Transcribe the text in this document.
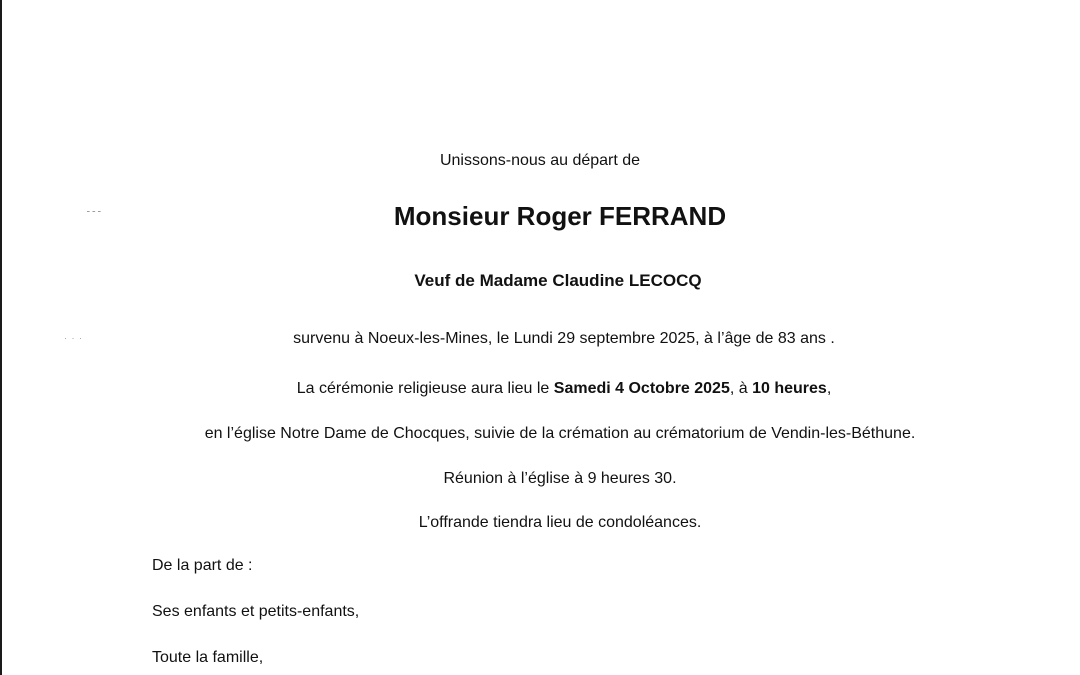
⁃⁃⁃
· · ·
Unissons-nous au départ de
Monsieur Roger FERRAND
Veuf de Madame Claudine LECOCQ
survenu à Noeux-les-Mines, le Lundi 29 septembre 2025, à l’âge de 83 ans .
La cérémonie religieuse aura lieu le Samedi 4 Octobre 2025, à 10 heures,
en l’église Notre Dame de Chocques, suivie de la crémation au crématorium de Vendin-les-Béthune.
Réunion à l’église à 9 heures 30.
L’offrande tiendra lieu de condoléances.
De la part de :
Ses enfants et petits-enfants,
Toute la famille,
